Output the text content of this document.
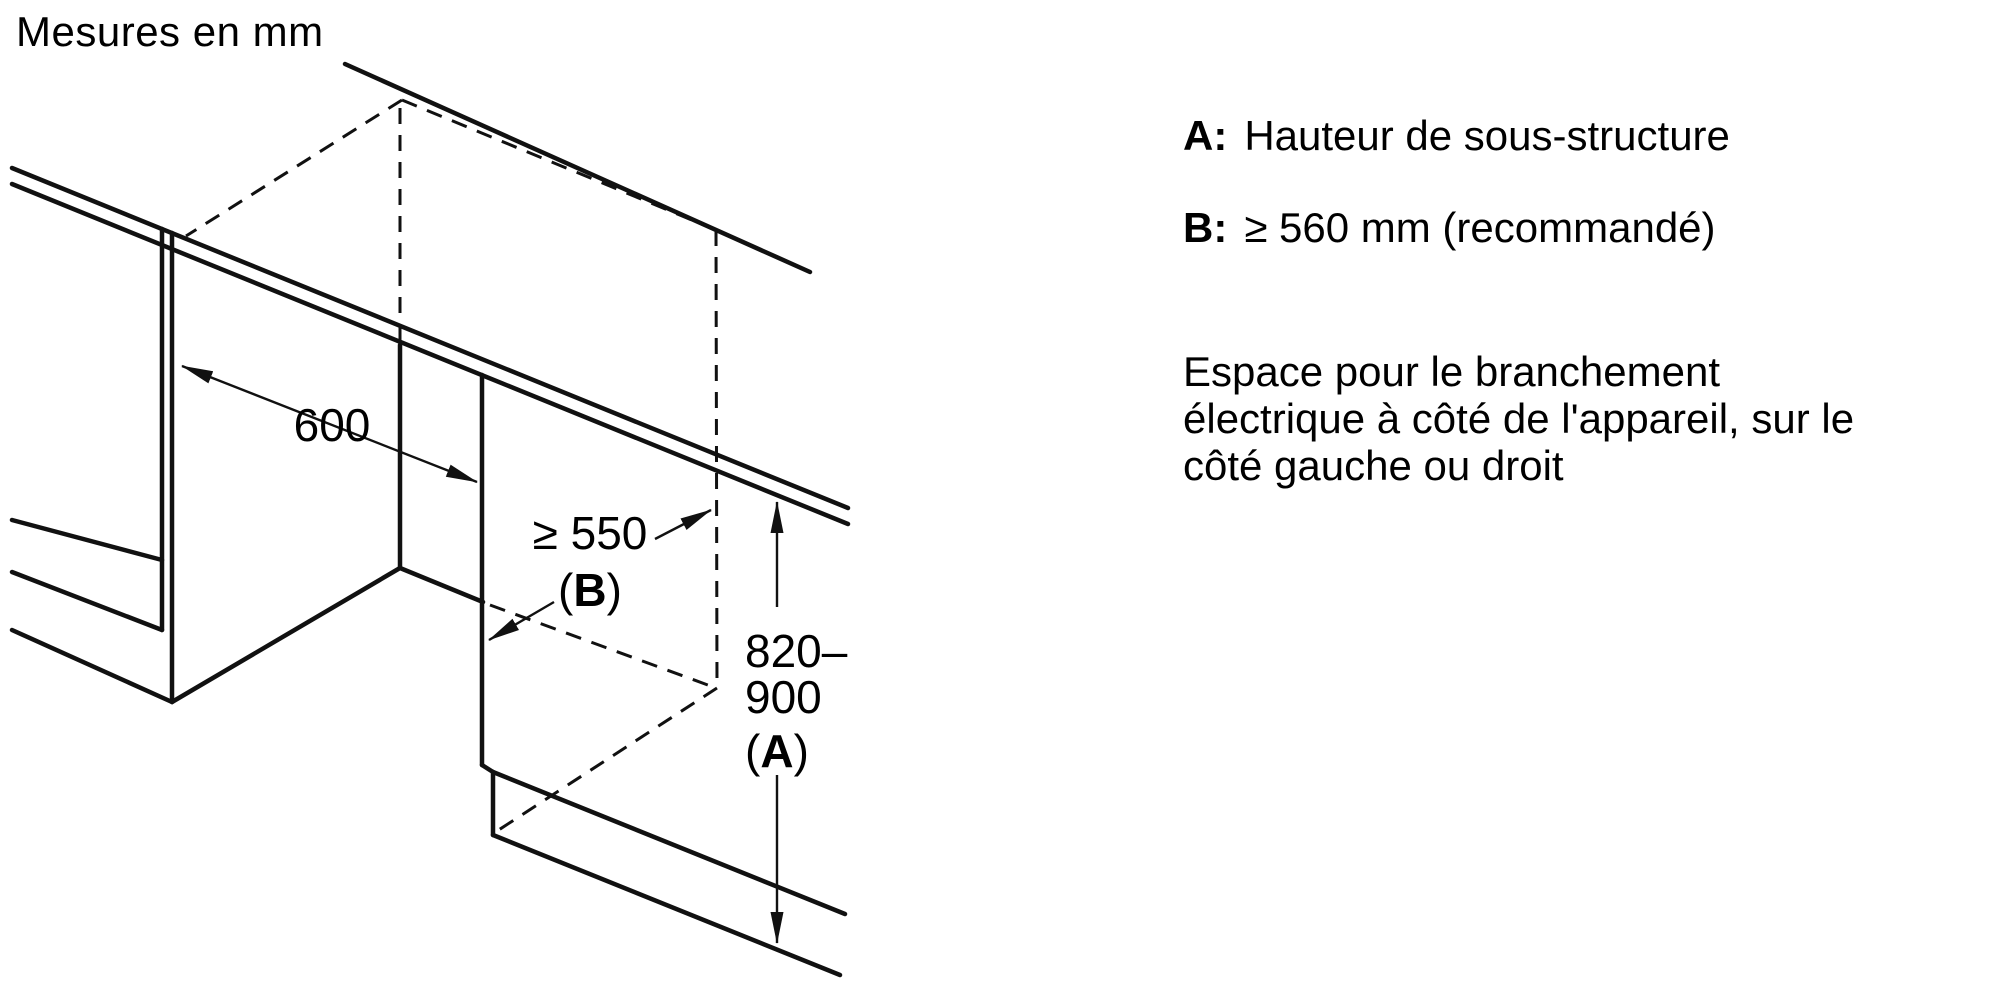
Mesures en mm
600
≥ 550
(B)
820–
900
(A)
A: Hauteur de sous-structure
B: ≥ 560 mm (recommandé)
Espace pour le branchement
électrique à côté de l'appareil, sur le
côté gauche ou droit
